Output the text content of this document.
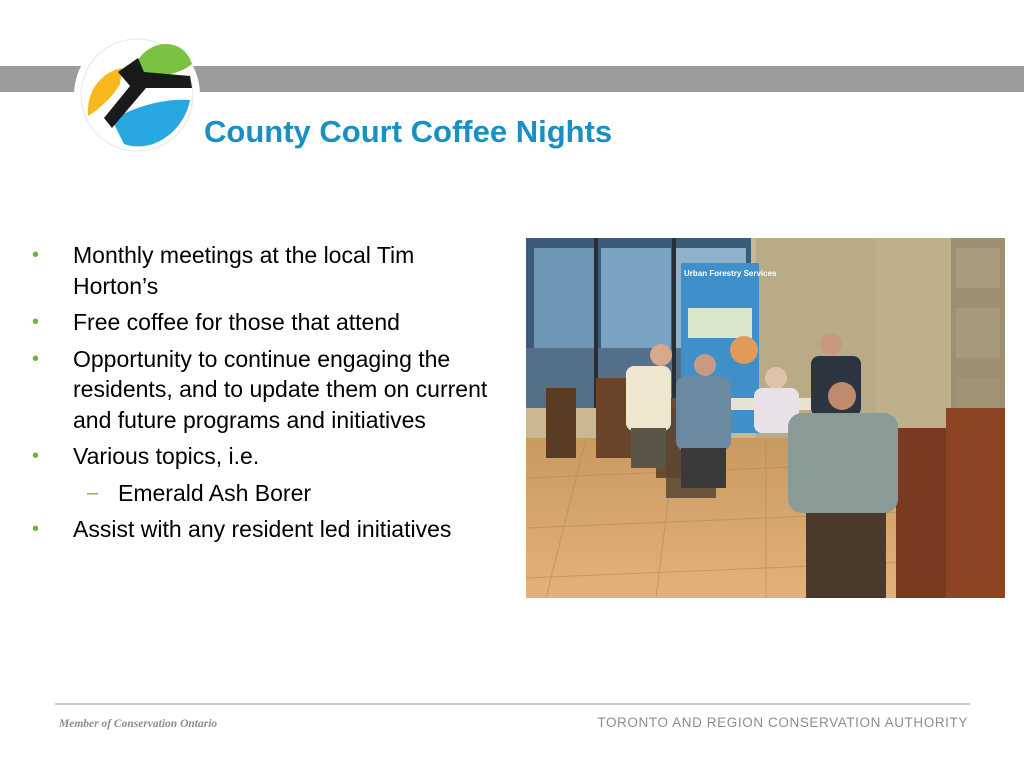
County Court Coffee Nights
• Monthly meetings at the local Tim Horton’s
• Free coffee for those that attend
• Opportunity to continue engaging the residents, and to update them on current and future programs and initiatives
• Various topics, i.e.
– Emerald Ash Borer
• Assist with any resident led initiatives
Urban Forestry Services
Member of Conservation Ontario	TORONTO AND REGION CONSERVATION AUTHORITY
